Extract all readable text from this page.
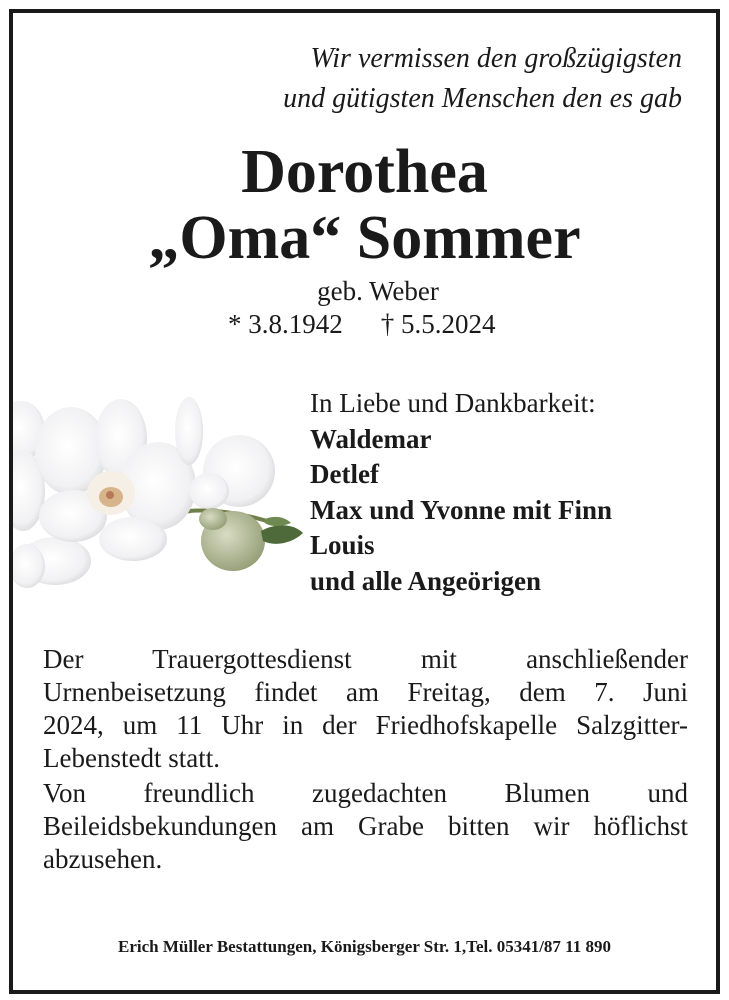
Wir vermissen den großzügigsten
und gütigsten Menschen den es gab
Dorothea
„Oma“ Sommer
geb. Weber
* 3.8.1942 † 5.5.2024
In Liebe und Dankbarkeit:
Waldemar
Detlef
Max und Yvonne mit Finn
Louis
und alle Angeörigen
Der Trauergottesdienst mit anschließender
Urnenbeisetzung findet am Freitag, dem 7. Juni
2024, um 11 Uhr in der Friedhofskapelle Salzgitter-
Lebenstedt statt.
Von freundlich zugedachten Blumen und
Beileidsbekundungen am Grabe bitten wir höflichst
abzusehen.
Erich Müller Bestattungen, Königsberger Str. 1,Tel. 05341/87 11 890
